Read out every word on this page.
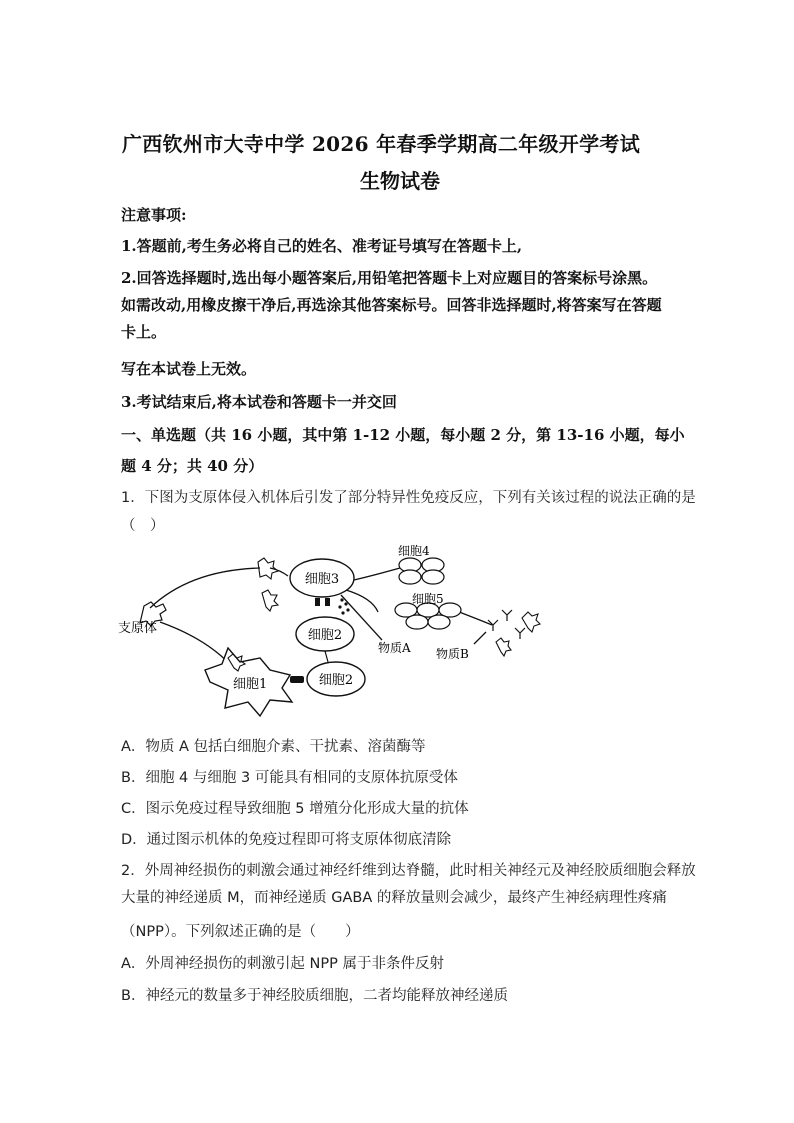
广西钦州市大寺中学 2026 年春季学期高二年级开学考试
生物试卷
注意事项:
1.答题前,考生务必将自己的姓名、准考证号填写在答题卡上,
2.回答选择题时,选出每小题答案后,用铅笔把答题卡上对应题目的答案标号涂黑。
如需改动,用橡皮擦干净后,再选涂其他答案标号。回答非选择题时,将答案写在答题
卡上。
写在本试卷上无效。
3.考试结束后,将本试卷和答题卡一并交回
一、单选题（共 16 小题，其中第 1-12 小题，每小题 2 分，第 13-16 小题，每小
题 4 分；共 40 分）
1．下图为支原体侵入机体后引发了部分特异性免疫反应，下列有关该过程的说法正确的是
（　）
细胞3
细胞4
细胞5
物质B
细胞2
物质A
支原体
细胞1	细胞2
A．物质 A 包括白细胞介素、干扰素、溶菌酶等
B．细胞 4 与细胞 3 可能具有相同的支原体抗原受体
C．图示免疫过程导致细胞 5 增殖分化形成大量的抗体
D．通过图示机体的免疫过程即可将支原体彻底清除
2．外周神经损伤的刺激会通过神经纤维到达脊髓，此时相关神经元及神经胶质细胞会释放
大量的神经递质 M，而神经递质 GABA 的释放量则会减少，最终产生神经病理性疼痛
（NPP）。下列叙述正确的是（　　）
A．外周神经损伤的刺激引起 NPP 属于非条件反射
B．神经元的数量多于神经胶质细胞，二者均能释放神经递质
